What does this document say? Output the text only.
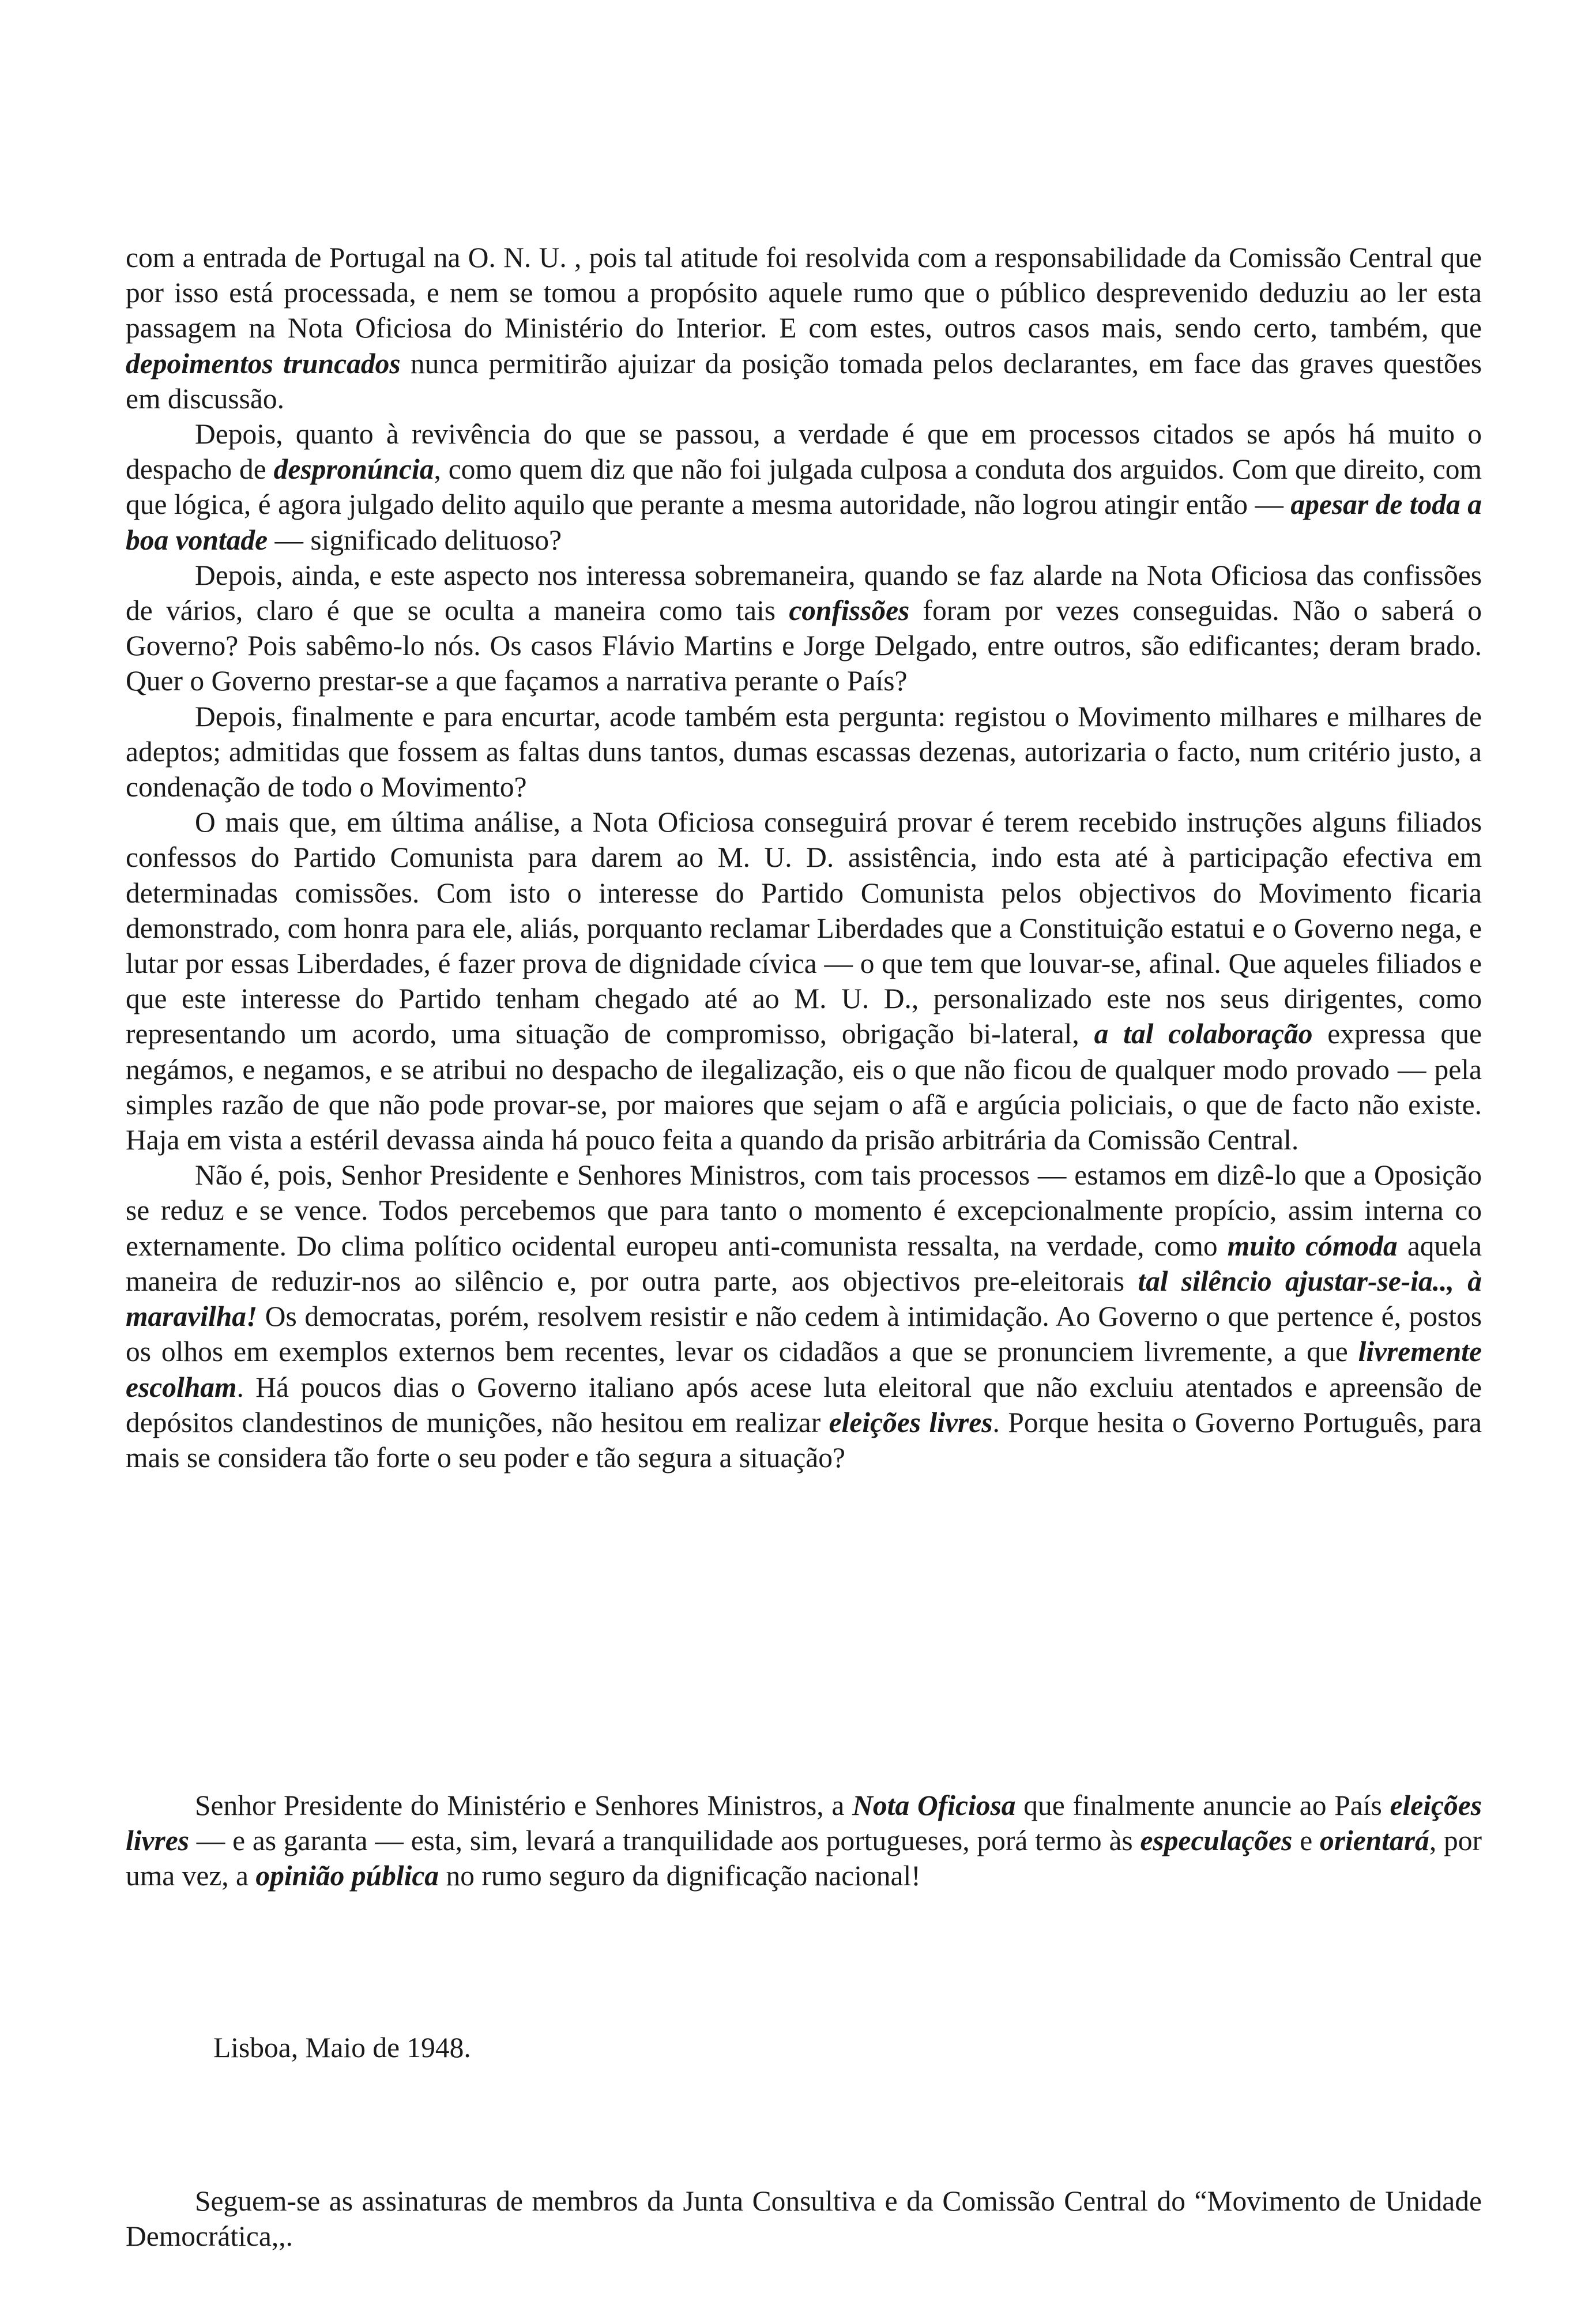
com a entrada de Portugal na O. N. U. , pois tal atitude foi resolvida com a responsabilidade da Comissão Central que por isso está processada, e nem se tomou a propósito aquele rumo que o público desprevenido deduziu ao ler esta passagem na Nota Oficiosa do Ministério do Interior. E com estes, outros casos mais, sendo certo, também, que depoimentos truncados nunca permitirão ajuizar da posição tomada pelos declarantes, em face das graves questões em discussão.

Depois, quanto à revivência do que se passou, a verdade é que em processos citados se após há muito o despacho de despronúncia, como quem diz que não foi julgada culposa a conduta dos arguidos. Com que direito, com que lógica, é agora julgado delito aquilo que perante a mesma autoridade, não logrou atingir então — apesar de toda a boa vontade — significado delituoso?

Depois, ainda, e este aspecto nos interessa sobremaneira, quando se faz alarde na Nota Oficiosa das confissões de vários, claro é que se oculta a maneira como tais confissões foram por vezes conseguidas. Não o saberá o Governo? Pois sabêmo-lo nós. Os casos Flávio Martins e Jorge Delgado, entre outros, são edificantes; deram brado. Quer o Governo prestar-se a que façamos a narrativa perante o País?

Depois, finalmente e para encurtar, acode também esta pergunta: registou o Movimento milhares e milhares de adeptos; admitidas que fossem as faltas duns tantos, dumas escassas dezenas, autorizaria o facto, num critério justo, a condenação de todo o Movimento?

O mais que, em última análise, a Nota Oficiosa conseguirá provar é terem recebido instruções alguns filiados confessos do Partido Comunista para darem ao M. U. D. assistência, indo esta até à participação efectiva em determinadas comissões. Com isto o interesse do Partido Comunista pelos objectivos do Movimento ficaria demonstrado, com honra para ele, aliás, porquanto reclamar Liberdades que a Constituição estatui e o Governo nega, e lutar por essas Liberdades, é fazer prova de dignidade cívica — o que tem que louvar-se, afinal. Que aqueles filiados e que este interesse do Partido tenham chegado até ao M. U. D., personalizado este nos seus dirigentes, como representando um acordo, uma situação de compromisso, obrigação bi-lateral, a tal colaboração expressa que negámos, e negamos, e se atribui no despacho de ilegalização, eis o que não ficou de qualquer modo provado — pela simples razão de que não pode provar-se, por maiores que sejam o afã e argúcia policiais, o que de facto não existe. Haja em vista a estéril devassa ainda há pouco feita a quando da prisão arbitrária da Comissão Central.

Não é, pois, Senhor Presidente e Senhores Ministros, com tais processos — estamos em dizê-lo que a Oposição se reduz e se vence. Todos percebemos que para tanto o momento é excepcionalmente propício, assim interna co externamente. Do clima político ocidental europeu anti-comunista ressalta, na verdade, como muito cómoda aquela maneira de reduzir-nos ao silêncio e, por outra parte, aos objectivos pre-eleitorais tal silêncio ajustar-se-ia.., à maravilha! Os democratas, porém, resolvem resistir e não cedem à intimidação. Ao Governo o que pertence é, postos os olhos em exemplos externos bem recentes, levar os cidadãos a que se pronunciem livremente, a que livremente escolham. Há poucos dias o Governo italiano após acese luta eleitoral que não excluiu atentados e apreensão de depósitos clandestinos de munições, não hesitou em realizar eleições livres. Porque hesita o Governo Português, para mais se considera tão forte o seu poder e tão segura a situação?

Senhor Presidente do Ministério e Senhores Ministros, a Nota Oficiosa que finalmente anuncie ao País eleições livres — e as garanta — esta, sim, levará a tranquilidade aos portugueses, porá termo às especulações e orientará, por uma vez, a opinião pública no rumo seguro da dignificação nacional!

Lisboa, Maio de 1948.

Seguem-se as assinaturas de membros da Junta Consultiva e da Comissão Central do “Movimento de Unidade Democrática,,.
